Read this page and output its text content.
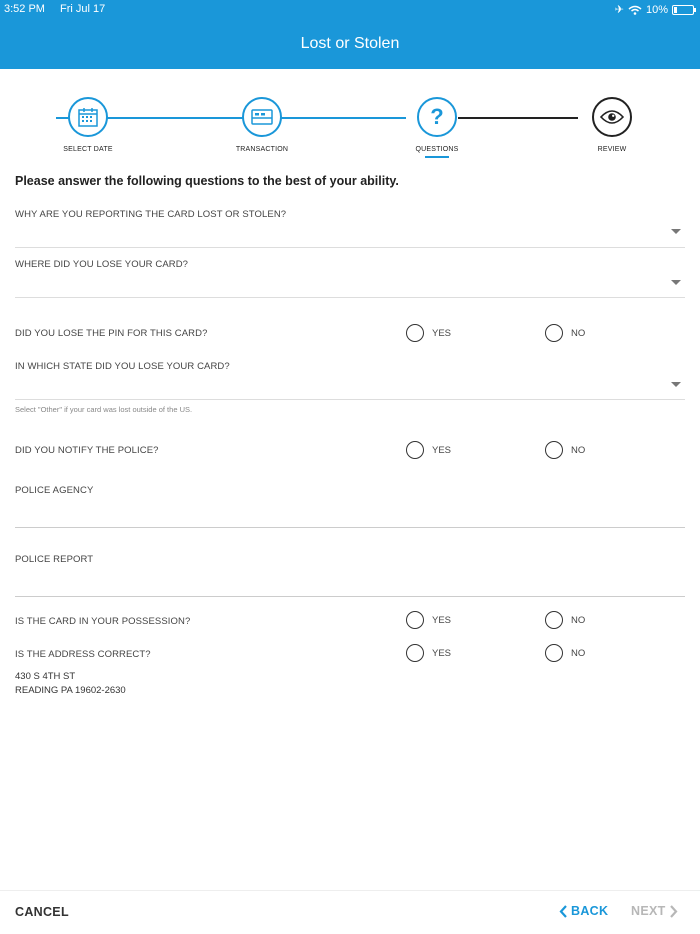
3:52 PM Fri Jul 17	✈ 10%
Lost or Stolen
SELECT DATE	TRANSACTION
?
QUESTIONS	REVIEW
Please answer the following questions to the best of your ability.
WHY ARE YOU REPORTING THE CARD LOST OR STOLEN?
WHERE DID YOU LOSE YOUR CARD?
DID YOU LOSE THE PIN FOR THIS CARD?	YES	NO
IN WHICH STATE DID YOU LOSE YOUR CARD?
Select "Other" if your card was lost outside of the US.
DID YOU NOTIFY THE POLICE?	YES	NO
POLICE AGENCY
POLICE REPORT
IS THE CARD IN YOUR POSSESSION?	YES	NO
IS THE ADDRESS CORRECT?	YES	NO
430 S 4TH ST
READING PA 19602-2630
CANCEL	BACK NEXT
